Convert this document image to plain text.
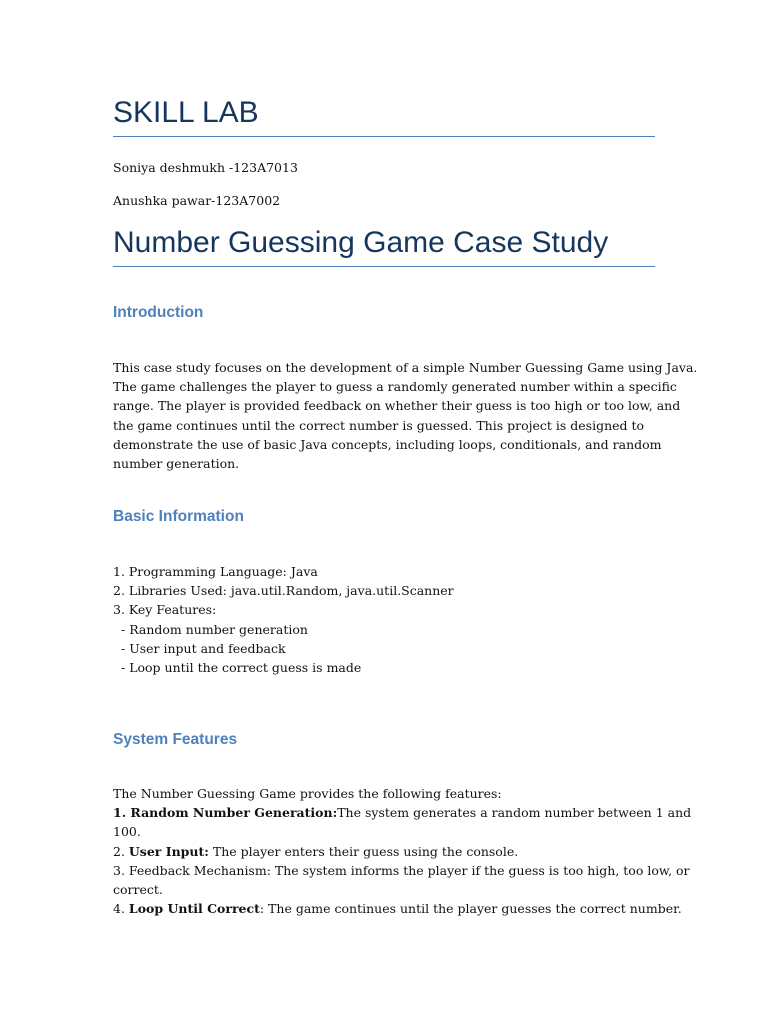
SKILL LAB

Soniya deshmukh -123A7013

Anushka pawar-123A7002

Number Guessing Game Case Study
Introduction
This case study focuses on the development of a simple Number Guessing Game using Java.
The game challenges the player to guess a randomly generated number within a specific
range. The player is provided feedback on whether their guess is too high or too low, and
the game continues until the correct number is guessed. This project is designed to
demonstrate the use of basic Java concepts, including loops, conditionals, and random
number generation.
Basic Information
1. Programming Language: Java
2. Libraries Used: java.util.Random, java.util.Scanner
3. Key Features:
- Random number generation
- User input and feedback
- Loop until the correct guess is made
System Features
The Number Guessing Game provides the following features:
1. Random Number Generation:The system generates a random number between 1 and
100.
2. User Input: The player enters their guess using the console.
3. Feedback Mechanism: The system informs the player if the guess is too high, too low, or
correct.
4. Loop Until Correct: The game continues until the player guesses the correct number.
